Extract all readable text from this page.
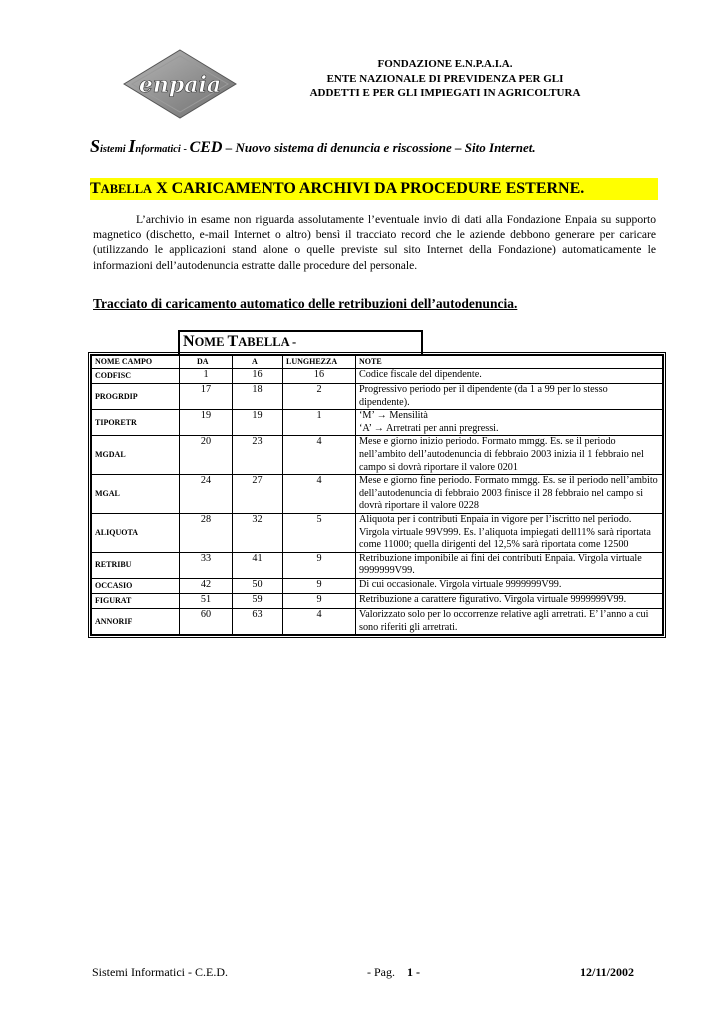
enpaia
FONDAZIONE E.N.P.A.I.A.
ENTE NAZIONALE DI PREVIDENZA PER GLI
ADDETTI E PER GLI IMPIEGATI IN AGRICOLTURA
Sistemi Informatici - CED – Nuovo sistema di denuncia e riscossione – Sito Internet.
TABELLA X CARICAMENTO ARCHIVI DA PROCEDURE ESTERNE.
L’archivio in esame non riguarda assolutamente l’eventuale invio di dati alla Fondazione Enpaia su supporto magnetico (dischetto, e-mail Internet o altro) bensì il tracciato record che le aziende debbono generare per caricare (utilizzando le applicazioni stand alone o quelle previste sul sito Internet della Fondazione) automaticamente le informazioni dell’autodenuncia estratte dalle procedure del personale.
Tracciato di caricamento automatico delle retribuzioni dell’autodenuncia.
NOME TABELLA -
NOME CAMPO	DA	A	LUNGHEZZA	NOTE
CODFISC	1	16	16	Codice fiscale del dipendente.

PROGRDIP	17	18	2	Progressivo periodo per il dipendente (da 1 a 99 per lo stesso dipendente).

TIPORETR	19	19	1	‘M’ → Mensilità
‘A’ → Arretrati per anni pregressi.

MGDAL	20	23	4	Mese e giorno inizio periodo. Formato mmgg. Es. se il periodo nell’ambito dell’autodenuncia di febbraio 2003 inizia il 1 febbraio nel campo si dovrà riportare il valore 0201

MGAL	24	27	4	Mese e giorno fine periodo. Formato mmgg. Es. se il periodo nell’ambito dell’autodenuncia di febbraio 2003 finisce il 28 febbraio nel campo si dovrà riportare il valore 0228

ALIQUOTA	28	32	5	Aliquota per i contributi Enpaia in vigore per l’iscritto nel periodo. Virgola virtuale 99V999. Es. l’aliquota impiegati dell11% sarà riportata come 11000; quella dirigenti del 12,5% sarà riportata come 12500

RETRIBU	33	41	9	Retribuzione imponibile ai fini dei contributi Enpaia. Virgola virtuale 9999999V99.

OCCASIO	42	50	9	Di cui occasionale. Virgola virtuale 9999999V99.

FIGURAT	51	59	9	Retribuzione a carattere figurativo. Virgola virtuale 9999999V99.

ANNORIF	60	63	4	Valorizzato solo per lo occorrenze relative agli arretrati. E’ l’anno a cui sono riferiti gli arretrati.
Sistemi Informatici - C.E.D.	- Pag. 1 -	12/11/2002
